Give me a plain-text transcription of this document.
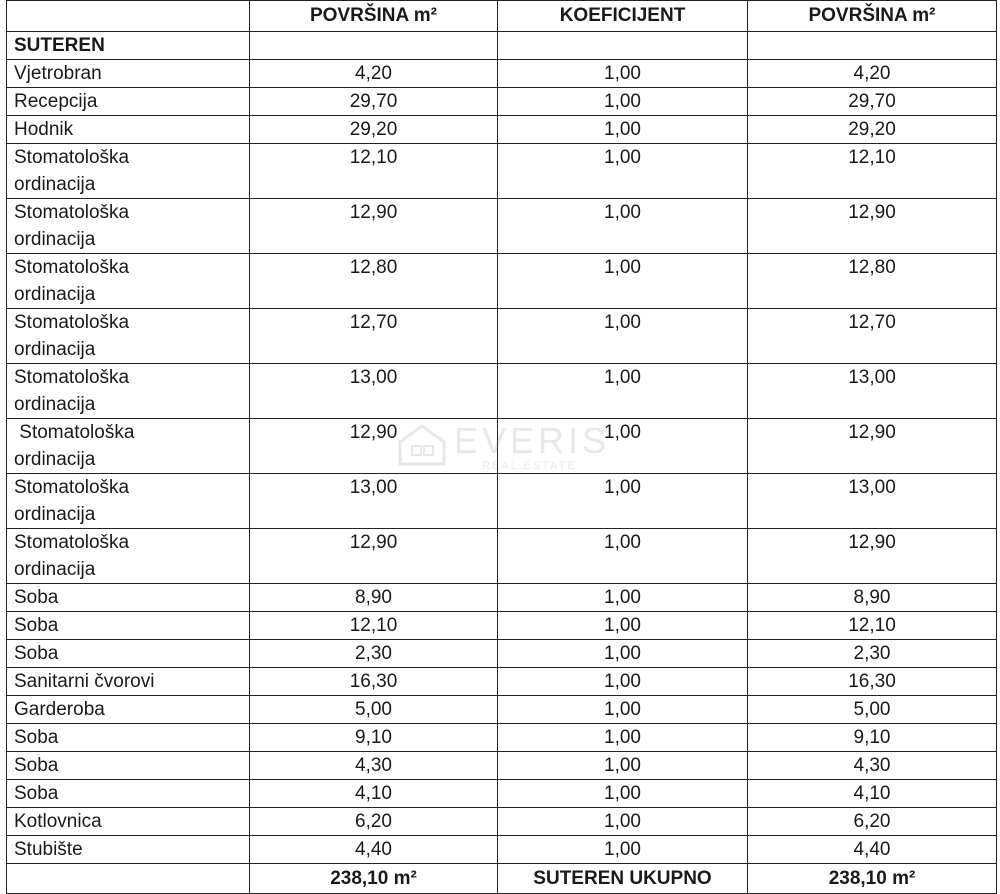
	POVRŠINA m²	KOEFICIJENT	POVRŠINA m²
SUTEREN			
Vjetrobran	4,20	1,00	4,20
Recepcija	29,70	1,00	29,70
Hodnik	29,20	1,00	29,20
Stomatološka
ordinacija	12,10	1,00	12,10
Stomatološka
ordinacija	12,90	1,00	12,90
Stomatološka
ordinacija	12,80	1,00	12,80
Stomatološka
ordinacija	12,70	1,00	12,70
Stomatološka
ordinacija	13,00	1,00	13,00
Stomatološka
ordinacija	12,90	1,00	12,90
Stomatološka
ordinacija	13,00	1,00	13,00
Stomatološka
ordinacija	12,90	1,00	12,90
Soba	8,90	1,00	8,90
Soba	12,10	1,00	12,10
Soba	2,30	1,00	2,30
Sanitarni čvorovi	16,30	1,00	16,30
Garderoba	5,00	1,00	5,00
Soba	9,10	1,00	9,10
Soba	4,30	1,00	4,30
Soba	4,10	1,00	4,10
Kotlovnica	6,20	1,00	6,20
Stubište	4,40	1,00	4,40
	238,10 m²	SUTEREN UKUPNO	238,10 m²
EVERIS
REAL ESTATE
